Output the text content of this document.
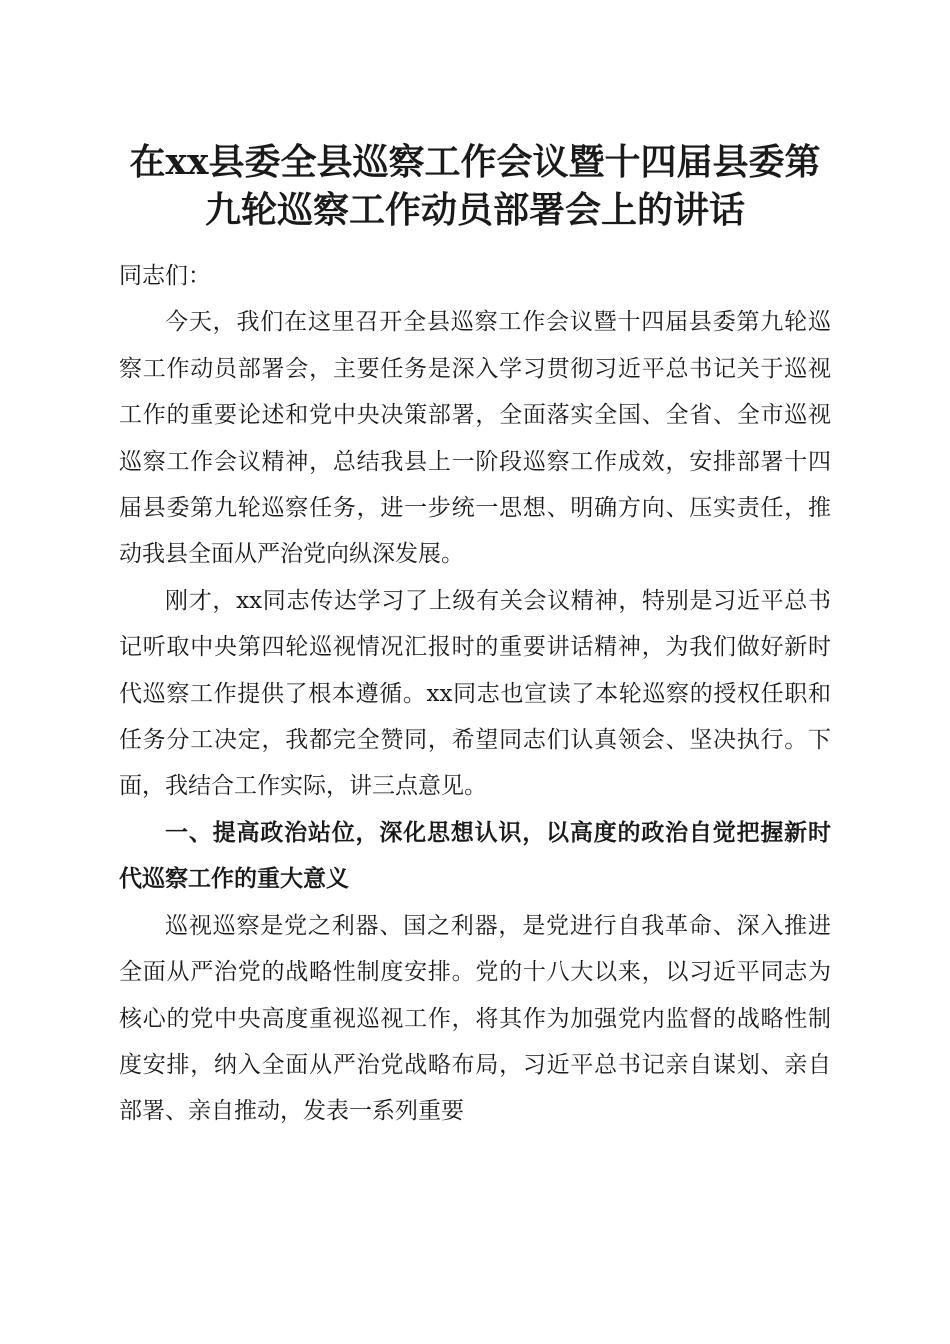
在xx县委全县巡察工作会议暨十四届县委第
九轮巡察工作动员部署会上的讲话

同志们：

今天，我们在这里召开全县巡察工作会议暨十四届县委第九轮巡察工作动员部署会，主要任务是深入学习贯彻习近平总书记关于巡视工作的重要论述和党中央决策部署，全面落实全国、全省、全市巡视巡察工作会议精神，总结我县上一阶段巡察工作成效，安排部署十四届县委第九轮巡察任务，进一步统一思想、明确方向、压实责任，推动我县全面从严治党向纵深发展。

刚才，xx同志传达学习了上级有关会议精神，特别是习近平总书记听取中央第四轮巡视情况汇报时的重要讲话精神，为我们做好新时代巡察工作提供了根本遵循。xx同志也宣读了本轮巡察的授权任职和任务分工决定，我都完全赞同，希望同志们认真领会、坚决执行。下面，我结合工作实际，讲三点意见。

一、提高政治站位，深化思想认识，以高度的政治自觉把握新时代巡察工作的重大意义

巡视巡察是党之利器、国之利器，是党进行自我革命、深入推进全面从严治党的战略性制度安排。党的十八大以来，以习近平同志为核心的党中央高度重视巡视工作，将其作为加强党内监督的战略性制度安排，纳入全面从严治党战略布局，习近平总书记亲自谋划、亲自部署、亲自推动，发表一系列重要
